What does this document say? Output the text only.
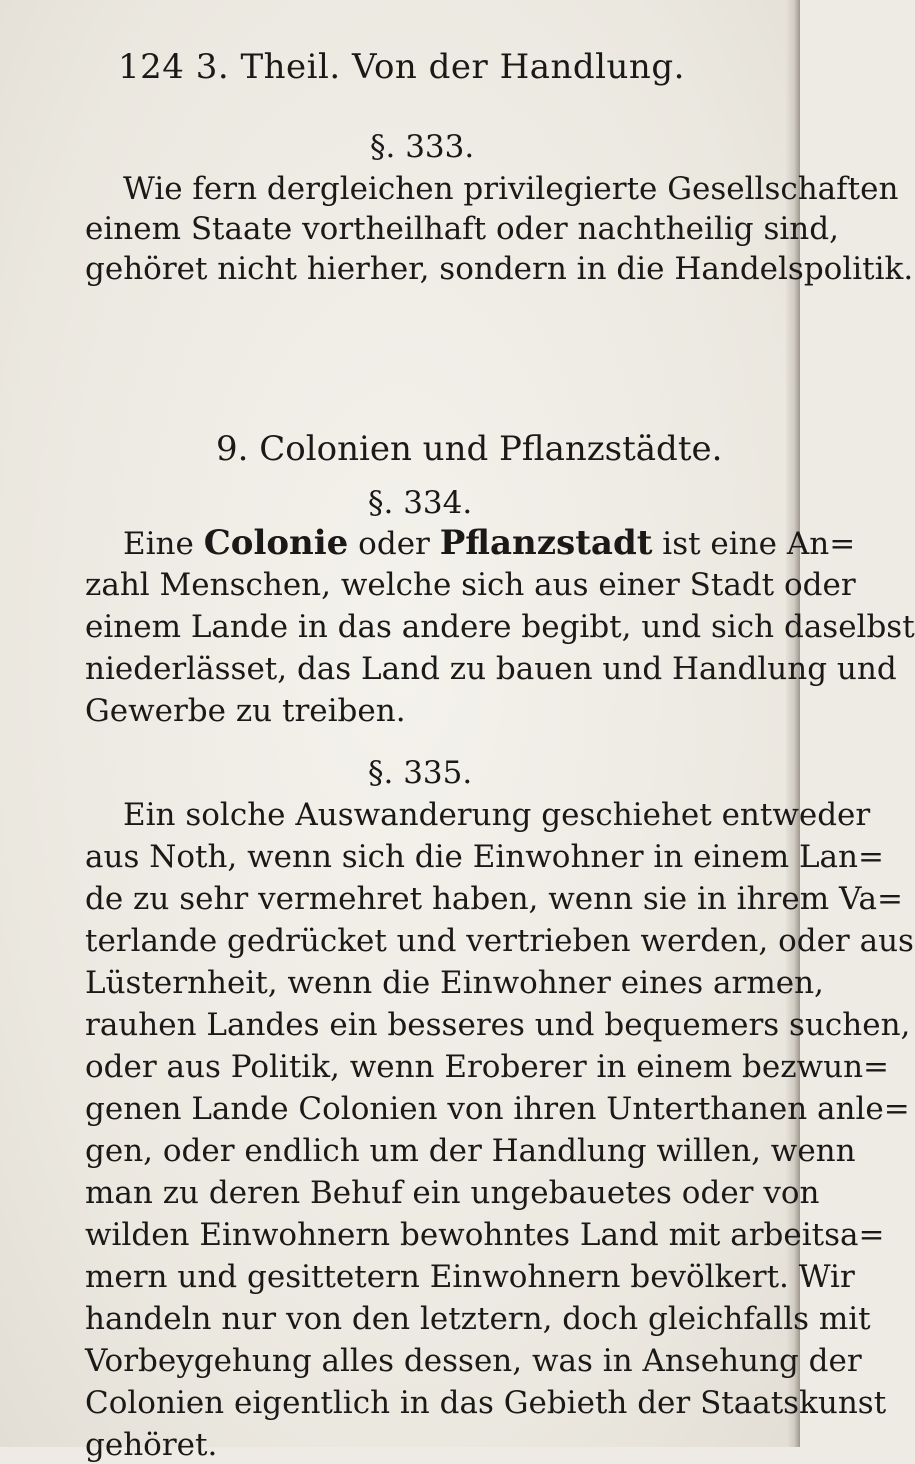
124 3. Theil. Von der Handlung.
§. 333.
Wie fern dergleichen privilegierte Gesellschaften
einem Staate vortheilhaft oder nachtheilig sind,
gehöret nicht hierher, sondern in die Handelspolitik.
9. Colonien und Pflanzstädte.
§. 334.
Eine Colonie oder Pflanzstadt ist eine An=
zahl Menschen, welche sich aus einer Stadt oder
einem Lande in das andere begibt, und sich daselbst
niederlässet, das Land zu bauen und Handlung und
Gewerbe zu treiben.
§. 335.
Ein solche Auswanderung geschiehet entweder
aus Noth, wenn sich die Einwohner in einem Lan=
de zu sehr vermehret haben, wenn sie in ihrem Va=
terlande gedrücket und vertrieben werden, oder aus
Lüsternheit, wenn die Einwohner eines armen,
rauhen Landes ein besseres und bequemers suchen,
oder aus Politik, wenn Eroberer in einem bezwun=
genen Lande Colonien von ihren Unterthanen anle=
gen, oder endlich um der Handlung willen, wenn
man zu deren Behuf ein ungebauetes oder von
wilden Einwohnern bewohntes Land mit arbeitsa=
mern und gesittetern Einwohnern bevölkert. Wir
handeln nur von den letztern, doch gleichfalls mit
Vorbeygehung alles dessen, was in Ansehung der
Colonien eigentlich in das Gebieth der Staatskunst
gehöret.
